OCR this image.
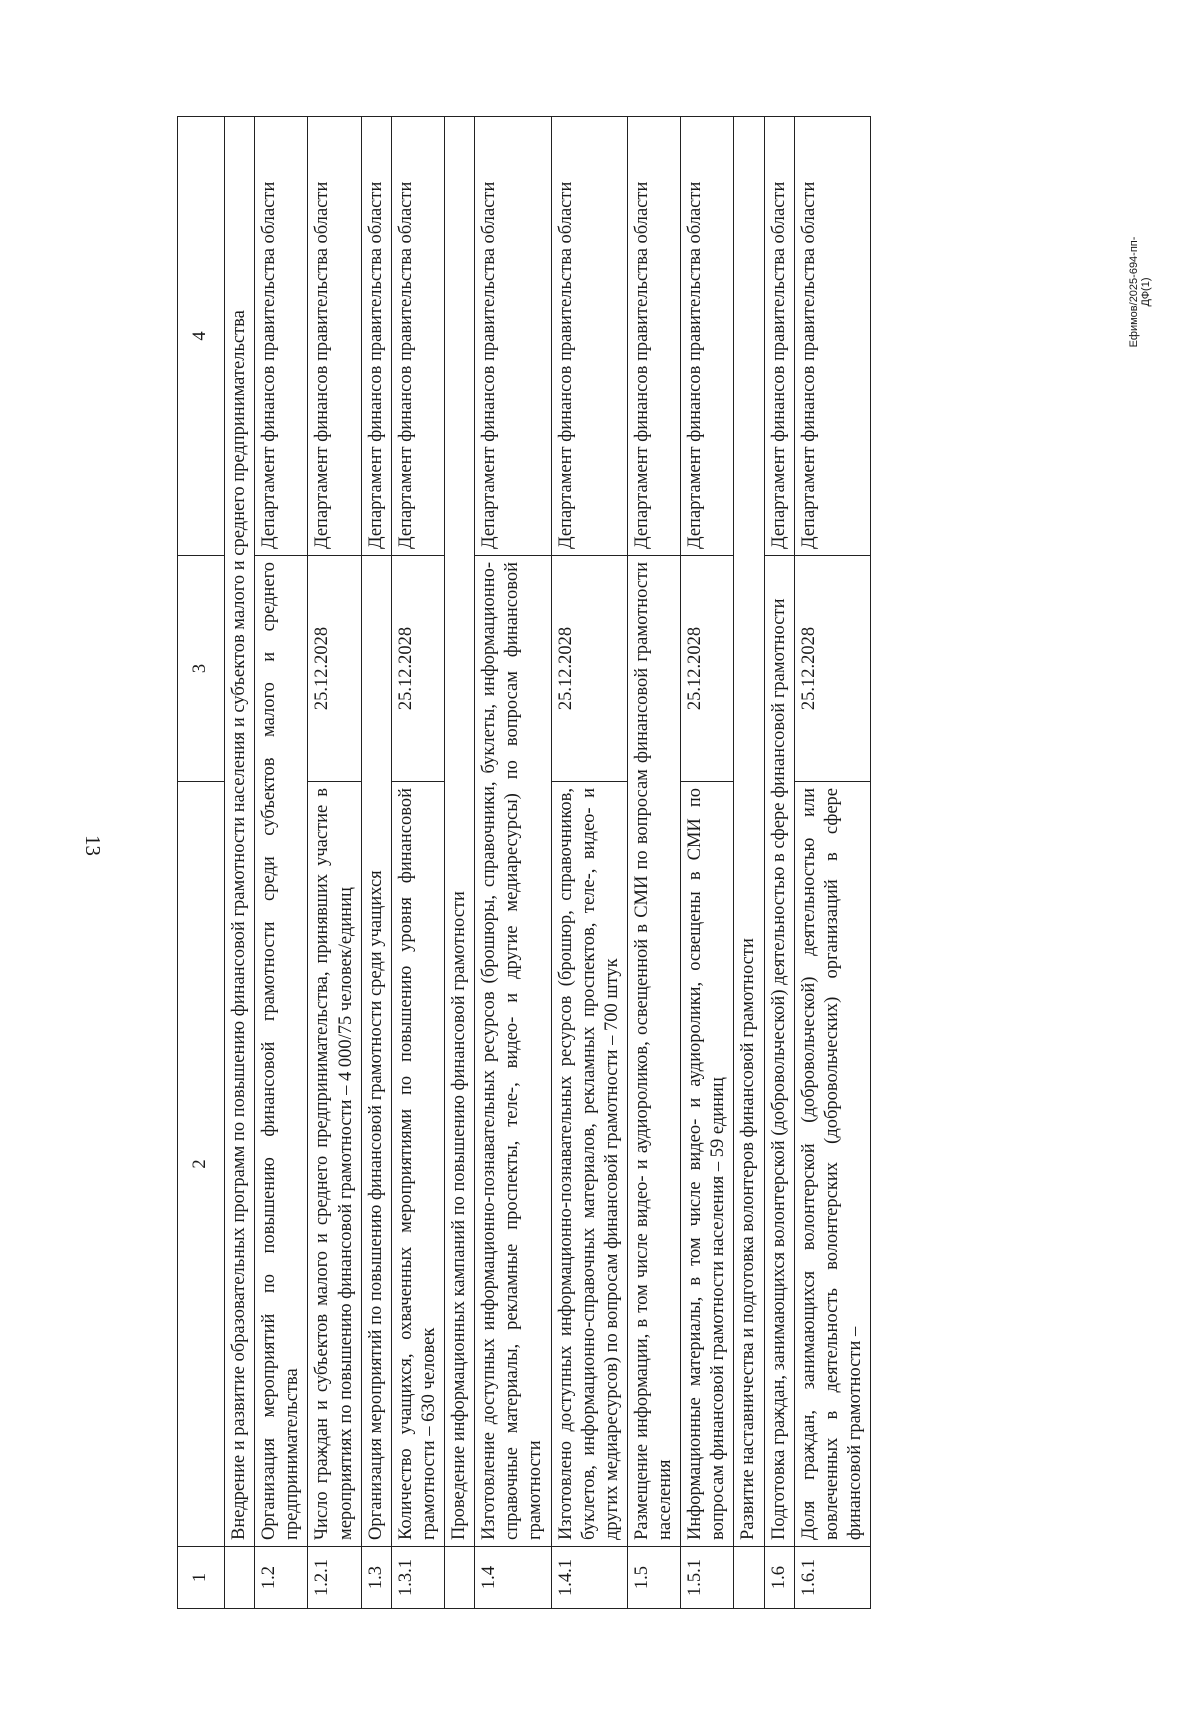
13
1	2	3	4
	Внедрение и развитие образовательных программ по повышению финансовой грамотности населения и субъектов малого и среднего предпринимательства		
1.2	Организация мероприятий по повышению финансовой грамотности среди субъектов малого и среднего предпринимательства		Департамент финансов правительства области
1.2.1	Число граждан и субъектов малого и среднего предпринимательства, принявших участие в мероприятиях по повышению финансовой грамотности – 4 000/75 человек/единиц	25.12.2028	Департамент финансов правительства области
1.3	Организация мероприятий по повышению финансовой грамотности среди учащихся		Департамент финансов правительства области
1.3.1	Количество учащихся, охваченных мероприятиями по повышению уровня финансовой грамотности – 630 человек	25.12.2028	Департамент финансов правительства области
	Проведение информационных кампаний по повышению финансовой грамотности		
1.4	Изготовление доступных информационно-познавательных ресурсов (брошюры, справочники, буклеты, информационно-справочные материалы, рекламные проспекты, теле-, видео- и другие медиаресурсы) по вопросам финансовой грамотности		Департамент финансов правительства области
1.4.1	Изготовлено доступных информационно-познавательных ресурсов (брошюр, справочников, буклетов, информационно-справочных материалов, рекламных проспектов, теле-, видео- и других медиаресурсов) по вопросам финансовой грамотности – 700 штук	25.12.2028	Департамент финансов правительства области
1.5	Размещение информации, в том числе видео- и аудиороликов, освещенной в СМИ по вопросам финансовой грамотности населения		Департамент финансов правительства области
1.5.1	Информационные материалы, в том числе видео- и аудиоролики, освещены в СМИ по вопросам финансовой грамотности населения – 59 единиц	25.12.2028	Департамент финансов правительства области
	Развитие наставничества и подготовка волонтеров финансовой грамотности		
1.6	Подготовка граждан, занимающихся волонтерской (добровольческой) деятельностью в сфере финансовой грамотности		Департамент финансов правительства области
1.6.1	Доля граждан, занимающихся волонтерской (добровольческой) деятельностью или вовлеченных в деятельность волонтерских (добровольческих) организаций в сфере финансовой грамотности –	25.12.2028	Департамент финансов правительства области	Ефимов/2025-694-пп-ДФ(1)
